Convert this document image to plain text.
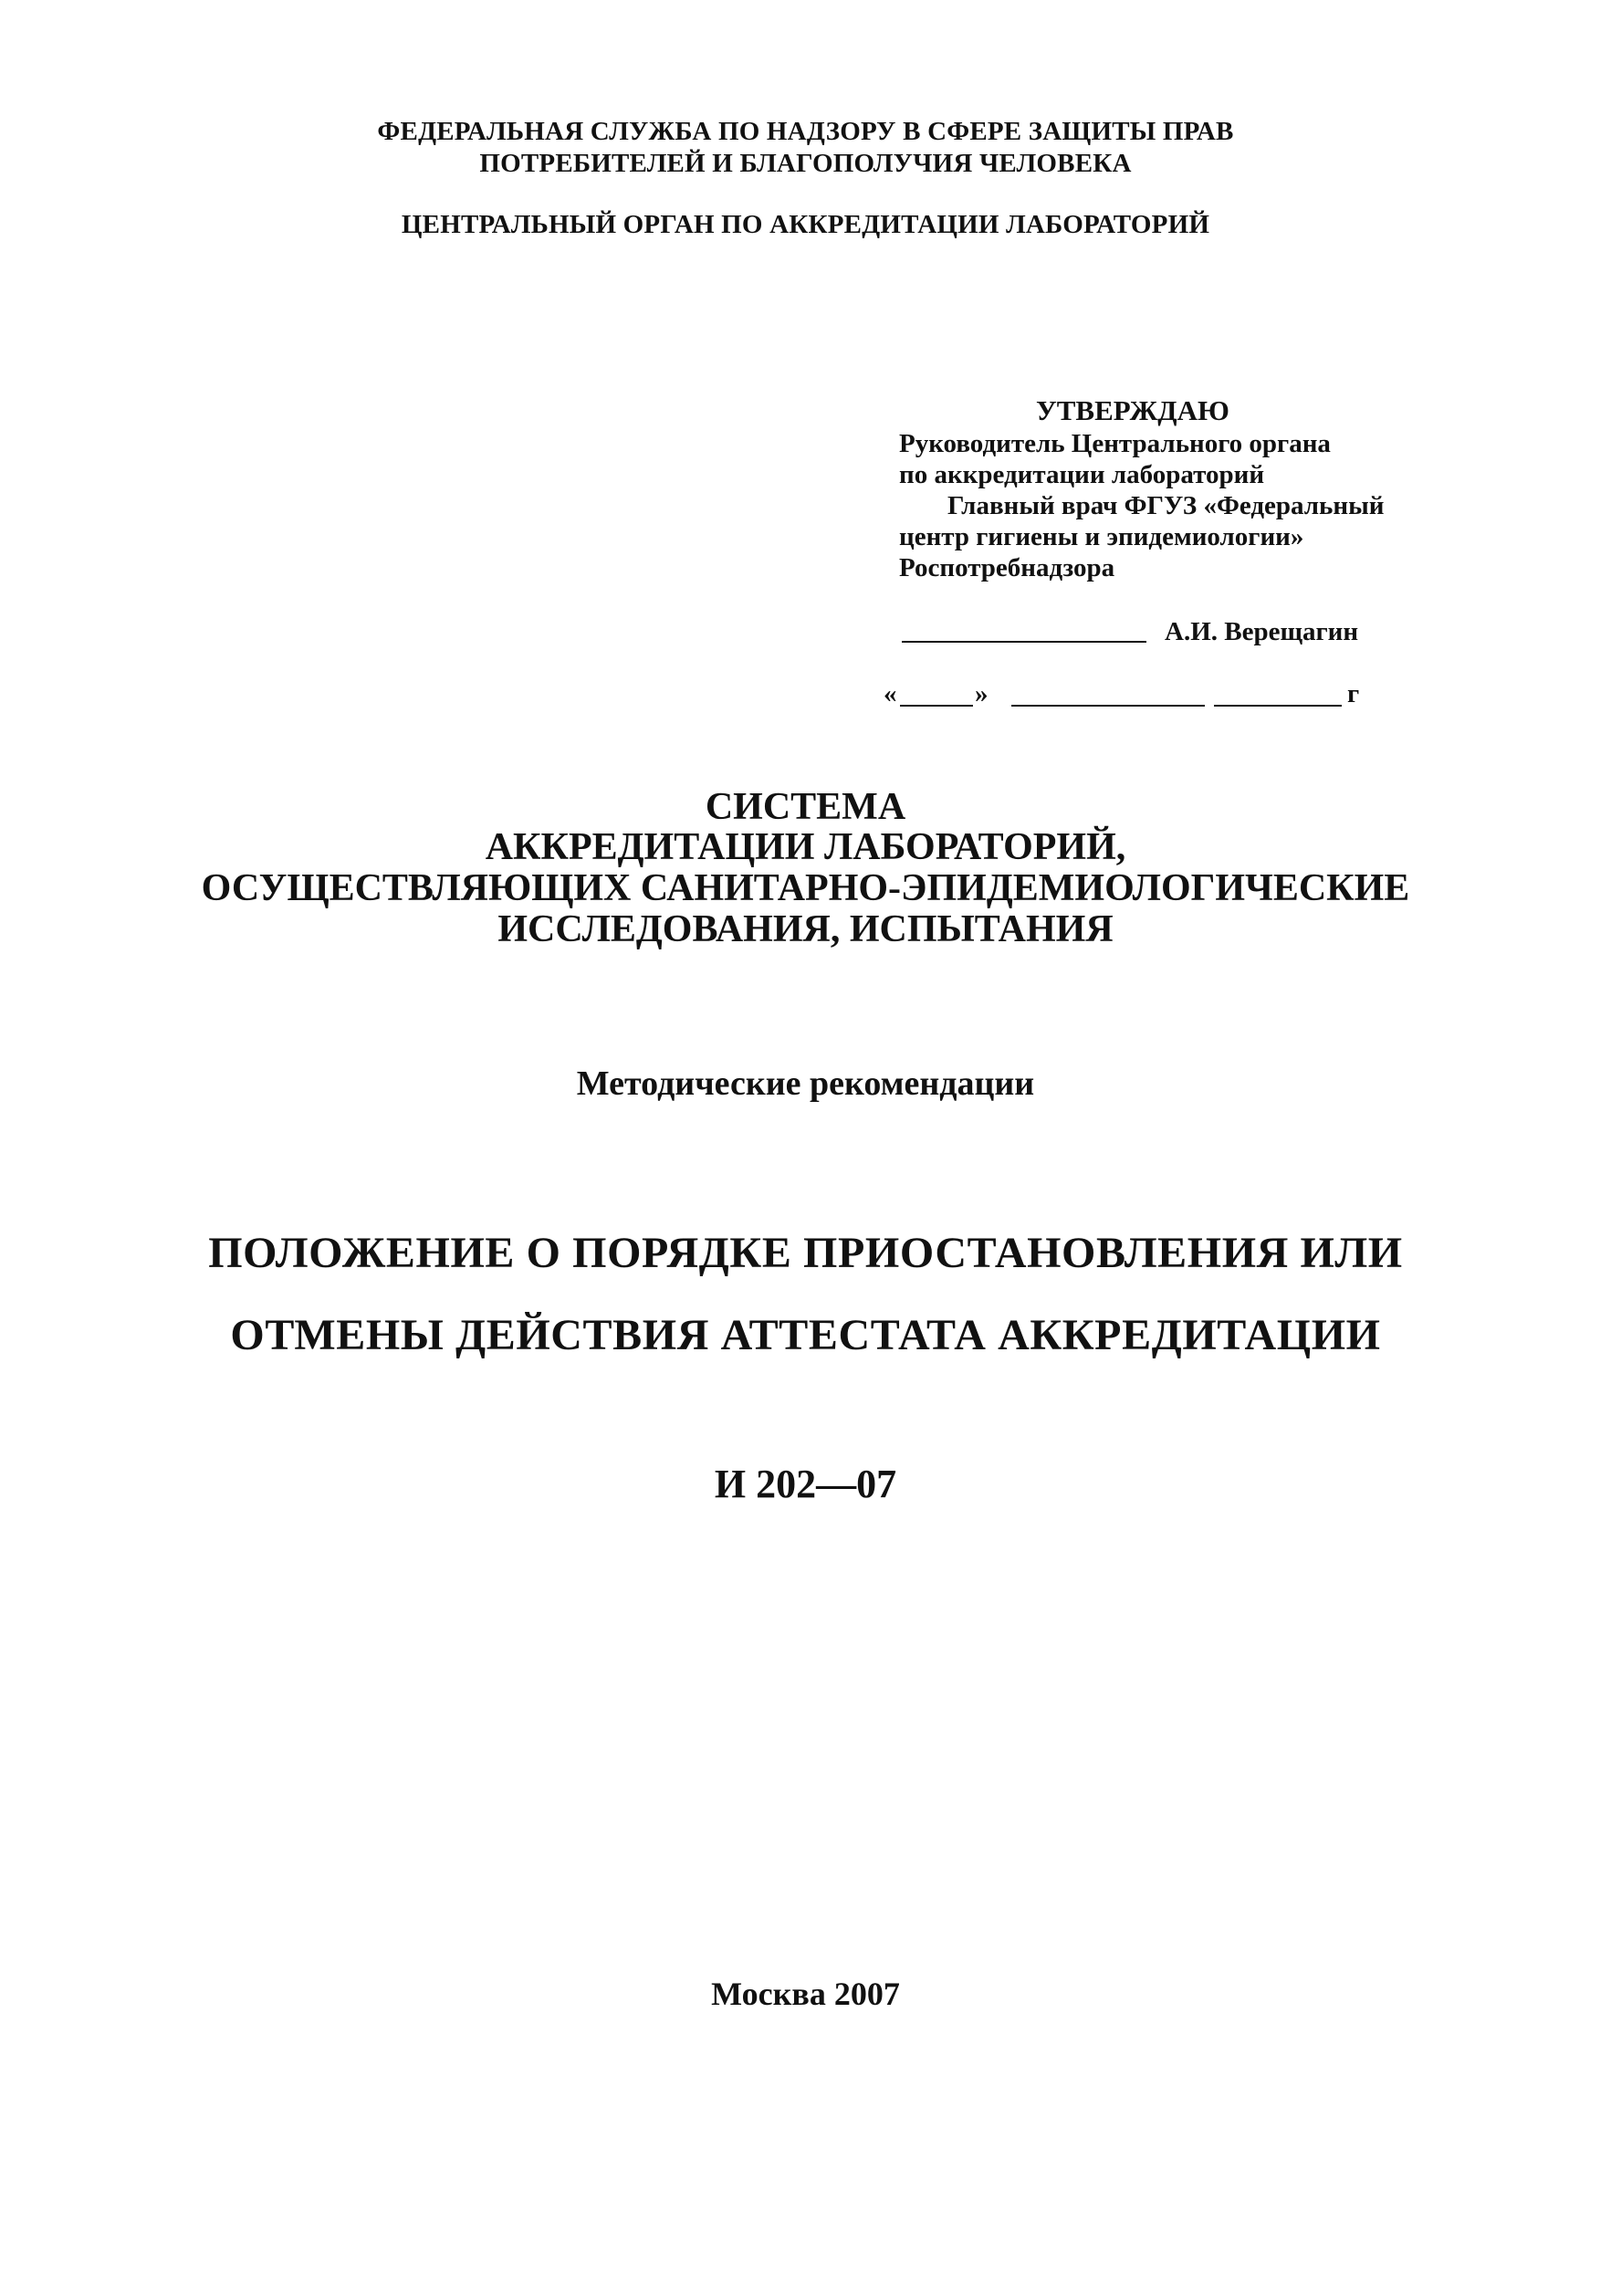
ФЕДЕРАЛЬНАЯ СЛУЖБА ПО НАДЗОРУ В СФЕРЕ ЗАЩИТЫ ПРАВ
ПОТРЕБИТЕЛЕЙ И БЛАГОПОЛУЧИЯ ЧЕЛОВЕКА
ЦЕНТРАЛЬНЫЙ ОРГАН ПО АККРЕДИТАЦИИ ЛАБОРАТОРИЙ
УТВЕРЖДАЮ
Руководитель Центрального органа
по аккредитации лабораторий
Главный врач ФГУЗ «Федеральный
центр гигиены и эпидемиологии»
Роспотребнадзора
А.И. Верещагин
«	»	г
СИСТЕМА
АККРЕДИТАЦИИ ЛАБОРАТОРИЙ,
ОСУЩЕСТВЛЯЮЩИХ САНИТАРНО-ЭПИДЕМИОЛОГИЧЕСКИЕ
ИССЛЕДОВАНИЯ, ИСПЫТАНИЯ
Методические рекомендации
ПОЛОЖЕНИЕ О ПОРЯДКЕ ПРИОСТАНОВЛЕНИЯ ИЛИ
ОТМЕНЫ ДЕЙСТВИЯ АТТЕСТАТА АККРЕДИТАЦИИ
И 202—07
Москва 2007
